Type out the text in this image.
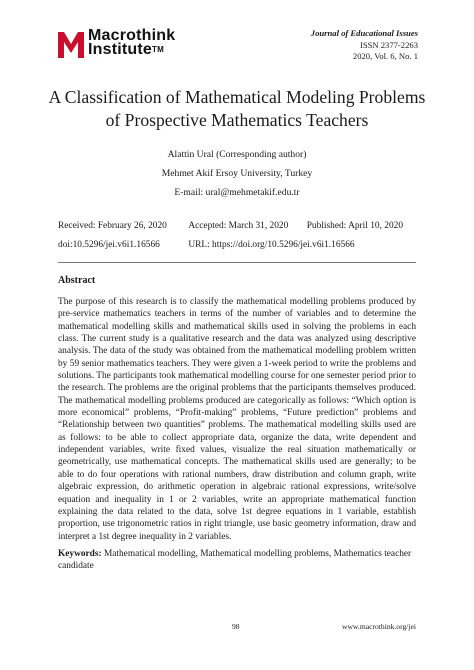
Macrothink
Institute™
Journal of Educational Issues
ISSN 2377-2263
2020, Vol. 6, No. 1
A Classification of Mathematical Modeling Problems of Prospective Mathematics Teachers
Alattin Ural (Corresponding author)
Mehmet Akif Ersoy University, Turkey
E-mail: ural@mehmetakif.edu.tr
Received: February 26, 2020 Accepted: March 31, 2020 Published: April 10, 2020
doi:10.5296/jei.v6i1.16566	URL: https://doi.org/10.5296/jei.v6i1.16566
Abstract
The purpose of this research is to classify the mathematical modelling problems produced by pre-service mathematics teachers in terms of the number of variables and to determine the mathematical modelling skills and mathematical skills used in solving the problems in each class. The current study is a qualitative research and the data was analyzed using descriptive analysis. The data of the study was obtained from the mathematical modelling problem written by 59 senior mathematics teachers. They were given a 1-week period to write the problems and solutions. The participants took mathematical modelling course for one semester period prior to the research. The problems are the original problems that the participants themselves produced. The mathematical modelling problems produced are categorically as follows: “Which option is more economical” problems, “Profit-making” problems, “Future prediction” problems and “Relationship between two quantities” problems. The mathematical modelling skills used are as follows: to be able to collect appropriate data, organize the data, write dependent and independent variables, write fixed values, visualize the real situation mathematically or geometrically, use mathematical concepts. The mathematical skills used are generally; to be able to do four operations with rational numbers, draw distribution and column graph, write algebraic expression, do arithmetic operation in algebraic rational expressions, write/solve equation and inequality in 1 or 2 variables, write an appropriate mathematical function explaining the data related to the data, solve 1st degree equations in 1 variable, establish proportion, use trigonometric ratios in right triangle, use basic geometry information, draw and interpret a 1st degree inequality in 2 variables.
Keywords: Mathematical modelling, Mathematical modelling problems, Mathematics teacher candidate
98	www.macrothink.org/jei
